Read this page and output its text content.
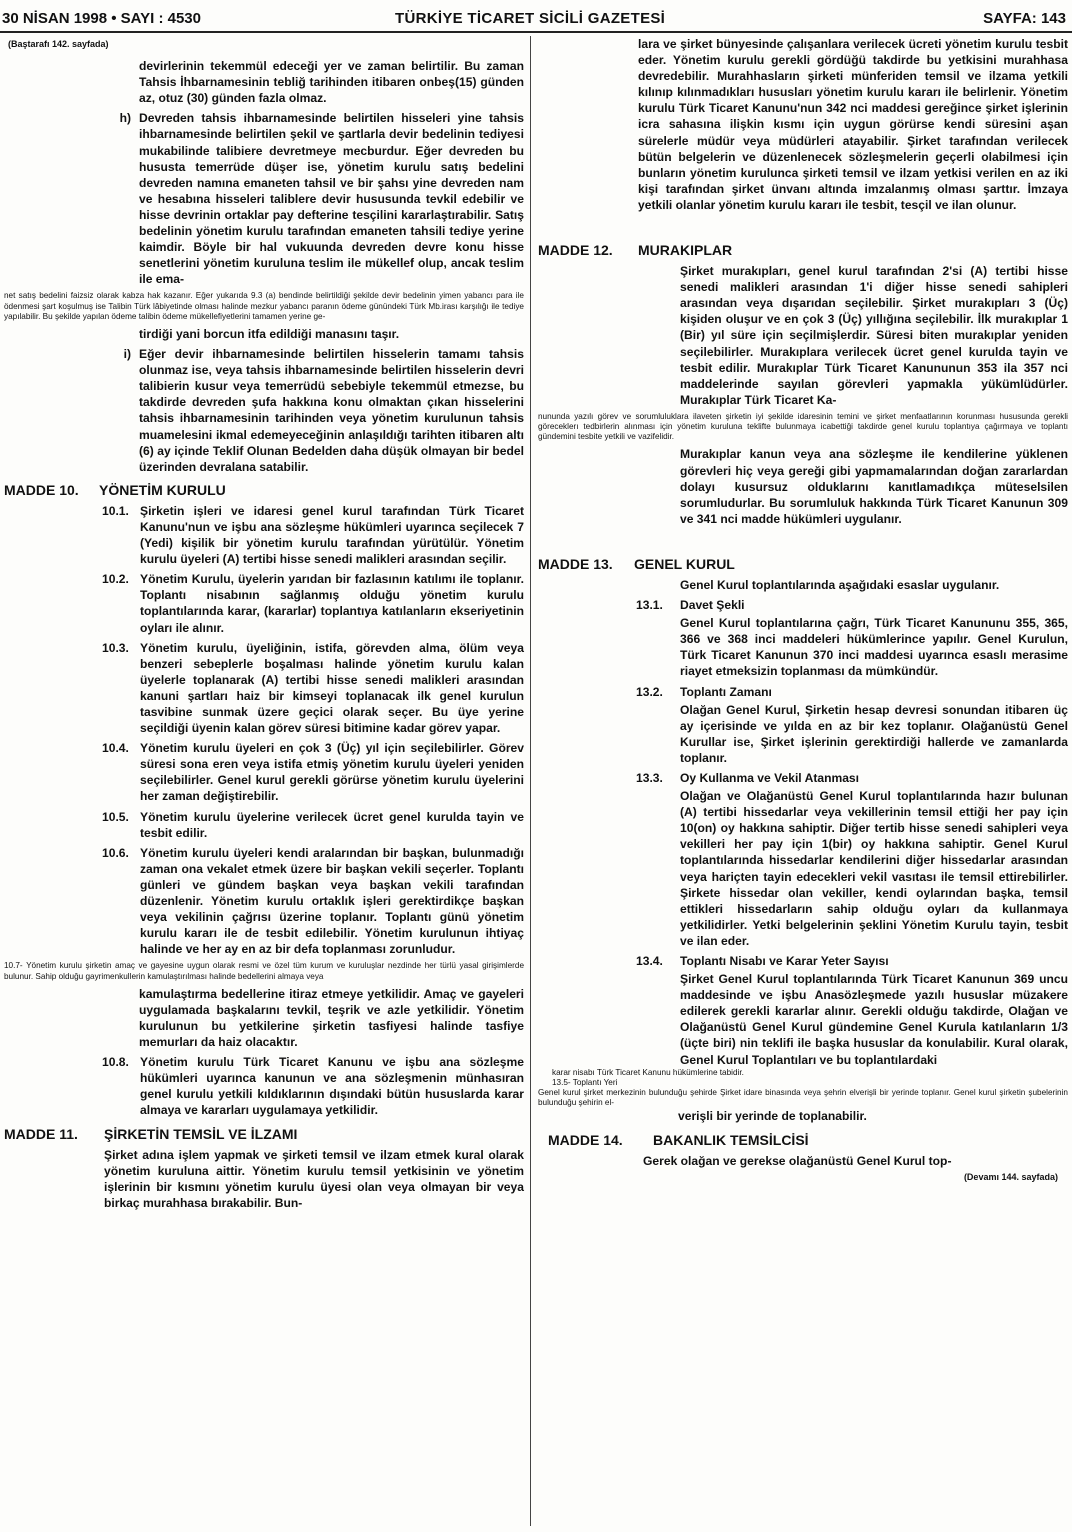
30 NİSAN 1998 • SAYI : 4530	TÜRKİYE TİCARET SİCİLİ GAZETESİ	SAYFA: 143
(Baştarafı 142. sayfada)

devirlerinin tekemmül edeceği yer ve zaman belirtilir. Bu zaman Tahsis İhbarnamesinin tebliğ tarihinden itibaren onbeş(15) günden az, otuz (30) günden fazla olmaz.

h) Devreden tahsis ihbarnamesinde belirtilen hisseleri yine tahsis ihbarnamesinde belirtilen şekil ve şartlarla devir bedelinin tediyesi mukabilinde talibiere devretmeye mecburdur. Eğer devreden bu hususta temerrüde düşer ise, yönetim kurulu satış bedelini devreden namına emaneten tahsil ve bir şahsı yine devreden nam ve hesabına hisseleri taliblere devir hususunda tevkil edebilir ve hisse devrinin ortaklar pay defterine tesçilini kararlaştırabilir. Satış bedelinin yönetim kurulu tarafından emaneten tahsili tediye yerine kaimdir. Böyle bir hal vukuunda devreden devre konu hisse senetlerini yönetim kuruluna teslim ile mükellef olup, ancak teslim ile ema-

net satış bedelini faizsiz olarak kabza hak kazanır. Eğer yukarıda 9.3 (a) bendinde belirtildiği şekilde devir bedelinin yimen yabancı para ile ödenmesi şart koşulmuş ise Talibin Türk lâbiyetinde olması halinde mezkur yabancı paranın ödeme günündeki Türk Mb.irası karşılığı ile tediye yapılabilir. Bu şekilde yapılan ödeme talibin ödeme mükellefiyetlerini tamamen yerine ge-

tirdiği yani borcun itfa edildiği manasını taşır.

i) Eğer devir ihbarnamesinde belirtilen hisselerin tamamı tahsis olunmaz ise, veya tahsis ihbarnamesinde belirtilen hisselerin devri talibierin kusur veya temerrüdü sebebiyle tekemmül etmezse, bu takdirde devreden şufa hakkına konu olmaktan çıkan hisselerini tahsis ihbarnamesinin tarihinden veya yönetim kurulunun tahsis muamelesini ikmal edemeyeceğinin anlaşıldığı tarihten itibaren altı (6) ay içinde Teklif Olunan Bedelden daha düşük olmayan bir bedel üzerinden devralana satabilir.
MADDE 10.	YÖNETİM KURULU
10.1. Şirketin işleri ve idaresi genel kurul tarafından Türk Ticaret Kanunu'nun ve işbu ana sözleşme hükümleri uyarınca seçilecek 7 (Yedi) kişilik bir yönetim kurulu tarafından yürütülür. Yönetim kurulu üyeleri (A) tertibi hisse senedi malikleri arasından seçilir.
10.2. Yönetim Kurulu, üyelerin yarıdan bir fazlasının katılımı ile toplanır. Toplantı nisabının sağlanmış olduğu yönetim kurulu toplantılarında karar, (kararlar) toplantıya katılanların ekseriyetinin oyları ile alınır.
10.3. Yönetim kurulu, üyeliğinin, istifa, görevden alma, ölüm veya benzeri sebeplerle boşalması halinde yönetim kurulu kalan üyelerle toplanarak (A) tertibi hisse senedi malikleri arasından kanuni şartları haiz bir kimseyi toplanacak ilk genel kurulun tasvibine sunmak üzere geçici olarak seçer. Bu üye yerine seçildiği üyenin kalan görev süresi bitimine kadar görev yapar.
10.4. Yönetim kurulu üyeleri en çok 3 (Üç) yıl için seçilebilirler. Görev süresi sona eren veya istifa etmiş yönetim kurulu üyeleri yeniden seçilebilirler. Genel kurul gerekli görürse yönetim kurulu üyelerini her zaman değiştirebilir.
10.5. Yönetim kurulu üyelerine verilecek ücret genel kurulda tayin ve tesbit edilir.
10.6. Yönetim kurulu üyeleri kendi aralarından bir başkan, bulunmadığı zaman ona vekalet etmek üzere bir başkan vekili seçerler. Toplantı günleri ve gündem başkan veya başkan vekili tarafından düzenlenir. Yönetim kurulu ortaklık işleri gerektirdikçe başkan veya vekilinin çağrısı üzerine toplanır. Toplantı günü yönetim kurulu kararı ile de tesbit edilebilir. Yönetim kurulunun ihtiyaç halinde ve her ay en az bir defa toplanması zorunludur.

10.7- Yönetim kurulu şirketin amaç ve gayesine uygun olarak resmi ve özel tüm kurum ve kuruluşlar nezdinde her türlü yasal girişimlerde bulunur. Sahip olduğu gayrimenkullerin kamulaştırılması halinde bedellerini almaya veya

kamulaştırma bedellerine itiraz etmeye yetkilidir. Amaç ve gayeleri uygulamada başkalarını tevkil, teşrik ve azle yetkilidir. Yönetim kurulunun bu yetkilerine şirketin tasfiyesi halinde tasfiye memurları da haiz olacaktır.

10.8. Yönetim kurulu Türk Ticaret Kanunu ve işbu ana sözleşme hükümleri uyarınca kanunun ve ana sözleşmenin münhasıran genel kurulu yetkili kıldıklarının dışındaki bütün hususlarda karar almaya ve kararları uygulamaya yetkilidir.
MADDE 11.	ŞİRKETİN TEMSİL VE İLZAMI

Şirket adına işlem yapmak ve şirketi temsil ve ilzam etmek kural olarak yönetim kuruluna aittir. Yönetim kurulu temsil yetkisinin ve yönetim işlerinin bir kısmını yönetim kurulu üyesi olan veya olmayan bir veya birkaç murahhasa bırakabilir. Bun-

lara ve şirket bünyesinde çalışanlara verilecek ücreti yönetim kurulu tesbit eder. Yönetim kurulu gerekli gördüğü takdirde bu yetkisini murahhasa devredebilir. Murahhasların şirketi münferiden temsil ve ilzama yetkili kılınıp kılınmadıkları hususları yönetim kurulu kararı ile belirlenir. Yönetim kurulu Türk Ticaret Kanunu'nun 342 nci maddesi gereğince şirket işlerinin icra sahasına ilişkin kısmı için uygun görürse kendi süresini aşan sürelerle müdür veya müdürleri atayabilir. Şirket tarafından verilecek bütün belgelerin ve düzenlenecek sözleşmelerin geçerli olabilmesi için bunların yönetim kurulunca şirketi temsil ve ilzam yetkisi verilen en az iki kişi tarafından şirket ünvanı altında imzalanmış olması şarttır. İmzaya yetkili olanlar yönetim kurulu kararı ile tesbit, tesçil ve ilan olunur.

MADDE 12.	MURAKIPLAR

Şirket murakıpları, genel kurul tarafından 2'si (A) tertibi hisse senedi malikleri arasından 1'i diğer hisse senedi sahipleri arasından veya dışarıdan seçilebilir. Şirket murakıpları 3 (Üç) kişiden oluşur ve en çok 3 (Üç) yıllığına seçilebilir. İlk murakıplar 1 (Bir) yıl süre için seçilmişlerdir. Süresi biten murakıplar yeniden seçilebilirler. Murakıplara verilecek ücret genel kurulda tayin ve tesbit edilir. Murakıplar Türk Ticaret Kanununun 353 ila 357 nci maddelerinde sayılan görevleri yapmakla yükümlüdürler. Murakıplar Türk Ticaret Ka-

nununda yazılı görev ve sorumluluklara ilaveten şirketin iyi şekilde idaresinin temini ve şirket menfaatlarının korunması hususunda gerekli göreceklerı tedbirlerin alınması için yönetim kuruluna teklifte bulunmaya icabettiği takdirde genel kurulu toplantıya çağırmaya ve toplantı gündemini tesbite yetkili ve vazifelidir.

Murakıplar kanun veya ana sözleşme ile kendilerine yüklenen görevleri hiç veya gereği gibi yapmamalarından doğan zararlardan dolayı kusursuz olduklarını kanıtlamadıkça müteselsilen sorumludurlar. Bu sorumluluk hakkında Türk Ticaret Kanunun 309 ve 341 nci madde hükümleri uygulanır.

MADDE 13.	GENEL KURUL

Genel Kurul toplantılarında aşağıdaki esaslar uygulanır.

13.1.	Davet Şekli

Genel Kurul toplantılarına çağrı, Türk Ticaret Kanununu 355, 365, 366 ve 368 inci maddeleri hükümlerince yapılır. Genel Kurulun, Türk Ticaret Kanunun 370 inci maddesi uyarınca esaslı merasime riayet etmeksizin toplanması da mümkündür.

13.2.	Toplantı Zamanı

Olağan Genel Kurul, Şirketin hesap devresi sonundan itibaren üç ay içerisinde ve yılda en az bir kez toplanır. Olağanüstü Genel Kurullar ise, Şirket işlerinin gerektirdiği hallerde ve zamanlarda toplanır.

13.3.	Oy Kullanma ve Vekil Atanması

Olağan ve Olağanüstü Genel Kurul toplantılarında hazır bulunan (A) tertibi hissedarlar veya vekillerinin temsil ettiği her pay için 10(on) oy hakkına sahiptir. Diğer tertib hisse senedi sahipleri veya vekilleri her pay için 1(bir) oy hakkına sahiptir. Genel Kurul toplantılarında hissedarlar kendilerini diğer hissedarlar arasından veya hariçten tayin edecekleri vekil vasıtası ile temsil ettirebilirler. Şirkete hissedar olan vekiller, kendi oylarından başka, temsil ettikleri hissedarların sahip olduğu oyları da kullanmaya yetkilidirler. Yetki belgelerinin şeklini Yönetim Kurulu tayin, tesbit ve ilan eder.

13.4.	Toplantı Nisabı ve Karar Yeter Sayısı

Şirket Genel Kurul toplantılarında Türk Ticaret Kanunun 369 uncu maddesinde ve işbu Anasözleşmede yazılı hususlar müzakere edilerek gerekli kararlar alınır. Gerekli olduğu takdirde, Olağan ve Olağanüstü Genel Kurul gündemine Genel Kurula katılanların 1/3 (üçte biri) nin teklifi ile başka hususlar da konulabilir. Kural olarak, Genel Kurul Toplantıları ve bu toplantılardaki

karar nisabı Türk Ticaret Kanunu hükümlerine tabidir.

13.5- Toplantı Yeri

Genel kurul şirket merkezinin bulunduğu şehirde Şirket idare binasında veya şehrin elverişli bir yerinde toplanır. Genel kurul şirketin şubelerinin bulunduğu şehirin el-

verişli bir yerinde de toplanabilir.

MADDE 14.	BAKANLIK TEMSİLCİSİ

Gerek olağan ve gerekse olağanüstü Genel Kurul top-

(Devamı 144. sayfada)
